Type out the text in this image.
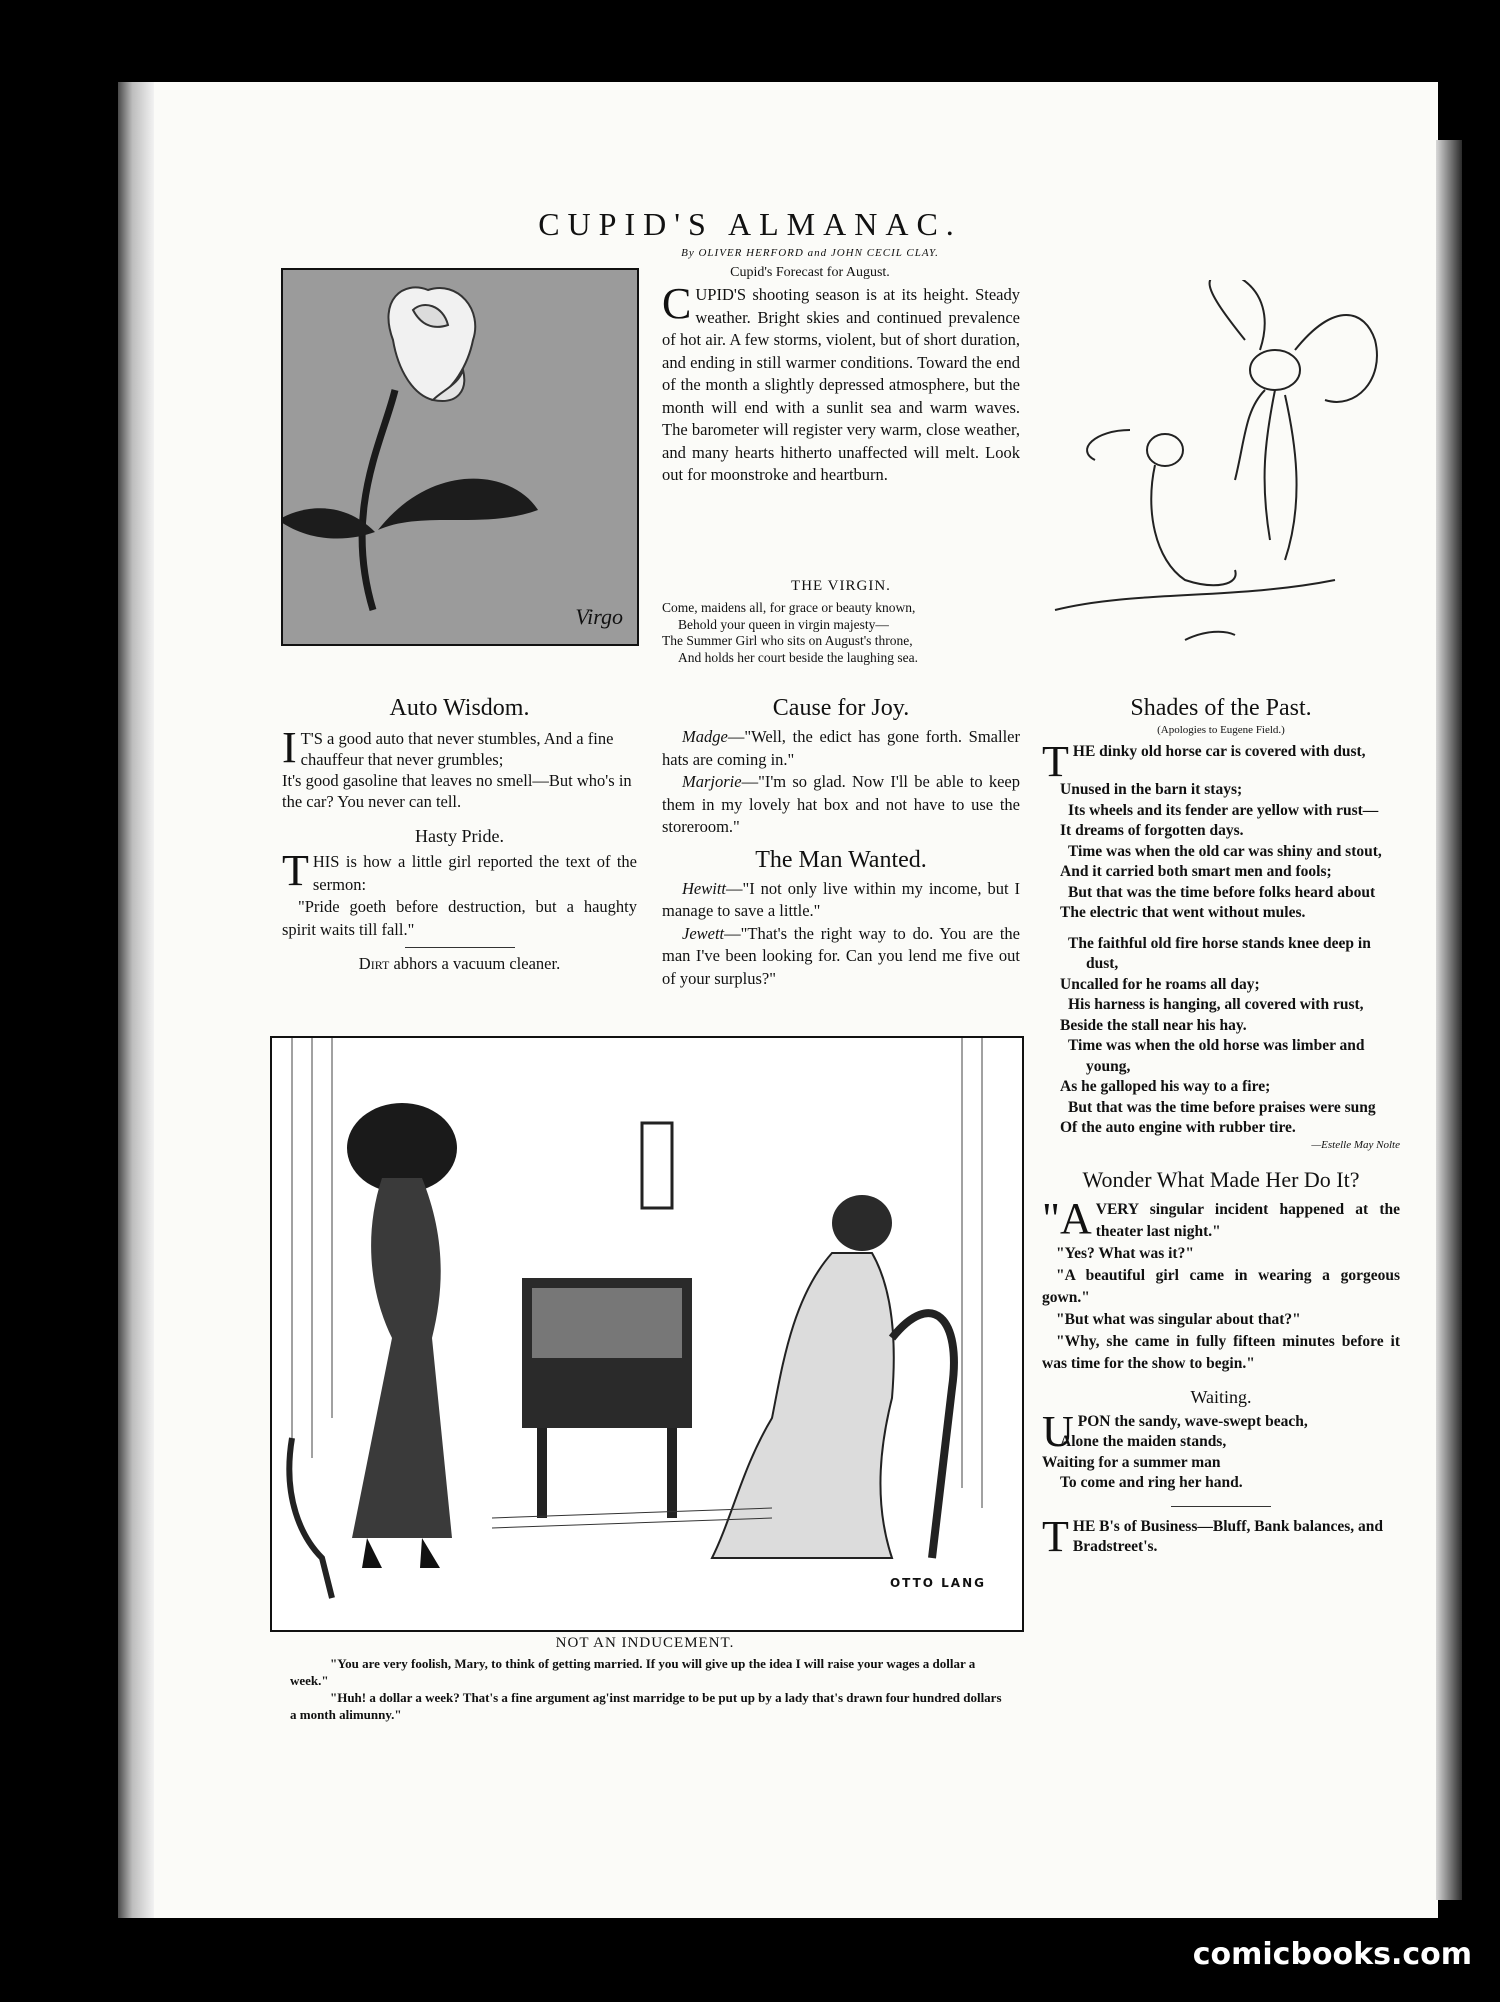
CUPID'S ALMANAC.
By OLIVER HERFORD and JOHN CECIL CLAY.
Cupid's Forecast for August.
Virgo
C UPID'S shooting season is at its height. Steady weather. Bright skies and continued prevalence of hot air. A few storms, violent, but of short duration, and ending in still warmer conditions. Toward the end of the month a slightly depressed atmosphere, but the month will end with a sunlit sea and warm waves. The barometer will register very warm, close weather, and many hearts hitherto unaffected will melt. Look out for moonstroke and heartburn.
THE VIRGIN.
Come, maidens all, for grace or beauty known,
Behold your queen in virgin majesty—
The Summer Girl who sits on August's throne,
And holds her court beside the laughing sea.
Auto Wisdom.
I T'S a good auto that never stumbles, And a fine chauffeur that never grumbles;
It's good gasoline that leaves no smell—But who's in the car? You never can tell.
Hasty Pride.
T HIS is how a little girl reported the text of the sermon:
"Pride goeth before destruction, but a haughty spirit waits till fall."
Dirt abhors a vacuum cleaner.
Cause for Joy.
Madge—"Well, the edict has gone forth. Smaller hats are coming in."
Marjorie—"I'm so glad. Now I'll be able to keep them in my lovely hat box and not have to use the storeroom."
The Man Wanted.
Hewitt—"I not only live within my income, but I manage to save a little."
Jewett—"That's the right way to do. You are the man I've been looking for. Can you lend me five out of your surplus?"
Shades of the Past.
(Apologies to Eugene Field.)
THE dinky old horse car is covered with dust,
Unused in the barn it stays;
Its wheels and its fender are yellow with rust—
It dreams of forgotten days.
Time was when the old car was shiny and stout,
And it carried both smart men and fools;
But that was the time before folks heard about
The electric that went without mules.
The faithful old fire horse stands knee deep in dust,
Uncalled for he roams all day;
His harness is hanging, all covered with rust,
Beside the stall near his hay.
Time was when the old horse was limber and young,
As he galloped his way to a fire;
But that was the time before praises were sung
Of the auto engine with rubber tire.
—Estelle May Nolte
Wonder What Made Her Do It?
"A VERY singular incident happened at the theater last night."
"Yes? What was it?"
"A beautiful girl came in wearing a gorgeous gown."
"But what was singular about that?"
"Why, she came in fully fifteen minutes before it was time for the show to begin."
Waiting.
UPON the sandy, wave-swept beach,
Alone the maiden stands,
Waiting for a summer man
To come and ring her hand.
THE B's of Business—Bluff, Bank balances, and Bradstreet's.
OTTO LANG
NOT AN INDUCEMENT.
"You are very foolish, Mary, to think of getting married. If you will give up the idea I will raise your wages a dollar a week."
"Huh! a dollar a week? That's a fine argument ag'inst marridge to be put up by a lady that's drawn four hundred dollars a month alimunny."
comicbooks.com
